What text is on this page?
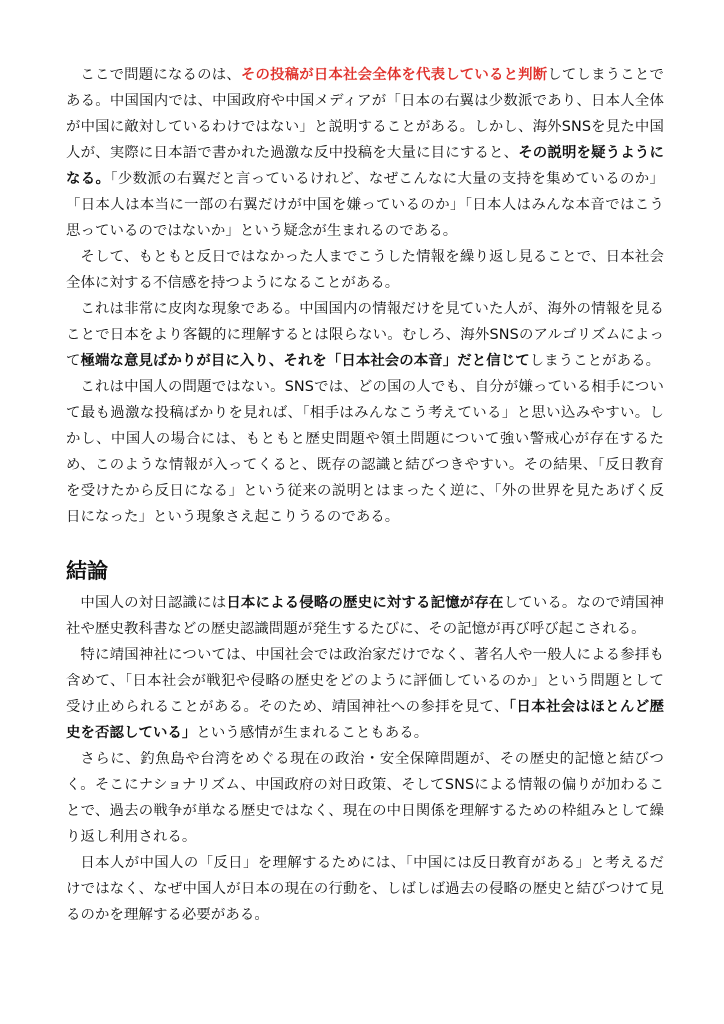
ここで問題になるのは、その投稿が日本社会全体を代表していると判断してしまうことである。中国国内では、中国政府や中国メディアが「日本の右翼は少数派であり、日本人全体が中国に敵対しているわけではない」と説明することがある。しかし、海外SNSを見た中国人が、実際に日本語で書かれた過激な反中投稿を大量に目にすると、その説明を疑うようになる。「少数派の右翼だと言っているけれど、なぜこんなに大量の支持を集めているのか」「日本人は本当に一部の右翼だけが中国を嫌っているのか」「日本人はみんな本音ではこう思っているのではないか」という疑念が生まれるのである。

そして、もともと反日ではなかった人までこうした情報を繰り返し見ることで、日本社会全体に対する不信感を持つようになることがある。

これは非常に皮肉な現象である。中国国内の情報だけを見ていた人が、海外の情報を見ることで日本をより客観的に理解するとは限らない。むしろ、海外SNSのアルゴリズムによって極端な意見ばかりが目に入り、それを「日本社会の本音」だと信じてしまうことがある。

これは中国人の問題ではない。SNSでは、どの国の人でも、自分が嫌っている相手について最も過激な投稿ばかりを見れば、「相手はみんなこう考えている」と思い込みやすい。しかし、中国人の場合には、もともと歴史問題や領土問題について強い警戒心が存在するため、このような情報が入ってくると、既存の認識と結びつきやすい。その結果、「反日教育を受けたから反日になる」という従来の説明とはまったく逆に、「外の世界を見たあげく反日になった」という現象さえ起こりうるのである。

結論

中国人の対日認識には日本による侵略の歴史に対する記憶が存在している。なので靖国神社や歴史教科書などの歴史認識問題が発生するたびに、その記憶が再び呼び起こされる。

特に靖国神社については、中国社会では政治家だけでなく、著名人や一般人による参拝も含めて、「日本社会が戦犯や侵略の歴史をどのように評価しているのか」という問題として受け止められることがある。そのため、靖国神社への参拝を見て、「日本社会はほとんど歴史を否認している」という感情が生まれることもある。

さらに、釣魚島や台湾をめぐる現在の政治・安全保障問題が、その歴史的記憶と結びつく。そこにナショナリズム、中国政府の対日政策、そしてSNSによる情報の偏りが加わることで、過去の戦争が単なる歴史ではなく、現在の中日関係を理解するための枠組みとして繰り返し利用される。

日本人が中国人の「反日」を理解するためには、「中国には反日教育がある」と考えるだけではなく、なぜ中国人が日本の現在の行動を、しばしば過去の侵略の歴史と結びつけて見るのかを理解する必要がある。
